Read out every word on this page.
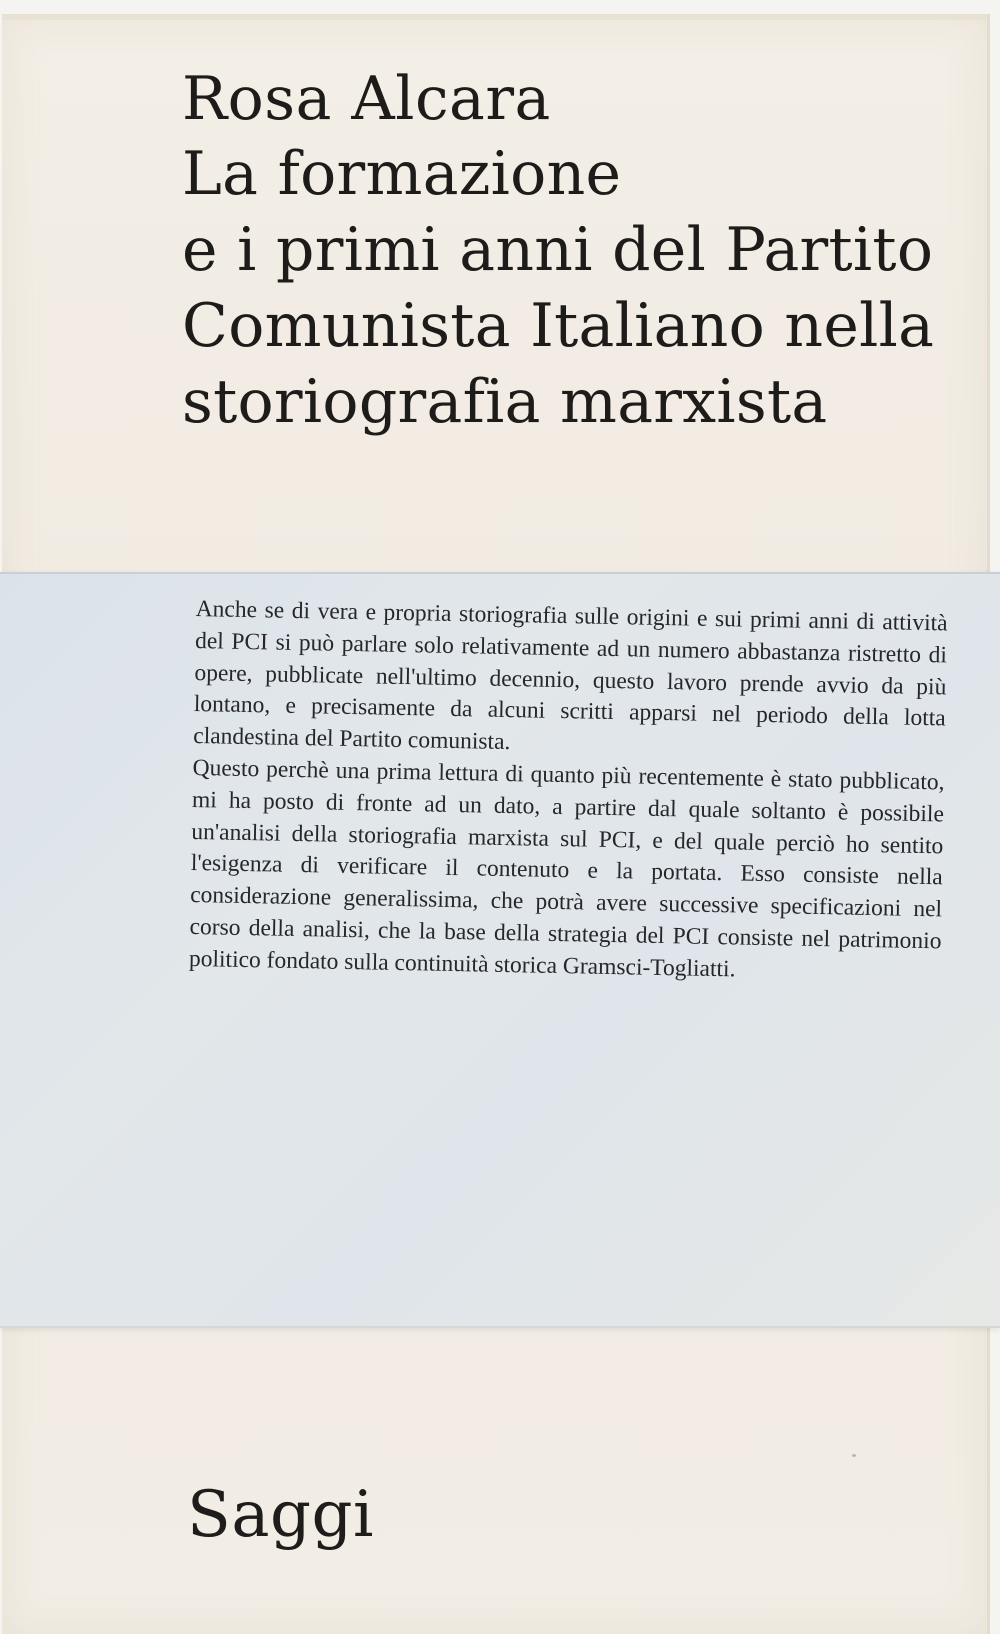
Rosa Alcara
La formazione
e i primi anni del Partito
Comunista Italiano nella
storiografia marxista
Saggi

Anche se di vera e propria storiografia sulle origini e sui primi anni di attività del PCI si può parlare solo relativamente ad un numero abbastanza ristretto di opere, pubblicate nell'ultimo decennio, questo lavoro prende avvio da più lontano, e precisamente da alcuni scritti apparsi nel periodo della lotta clandestina del Partito comunista.

Questo perchè una prima lettura di quanto più recentemente è stato pubblicato, mi ha posto di fronte ad un dato, a partire dal quale soltanto è possibile un'analisi della storiografia marxista sul PCI, e del quale perciò ho sentito l'esigenza di verificare il contenuto e la portata. Esso consiste nella considerazione generalissima, che potrà avere successive specificazioni nel corso della analisi, che la base della strategia del PCI consiste nel patrimonio politico fondato sulla continuità storica Gramsci-Togliatti.
